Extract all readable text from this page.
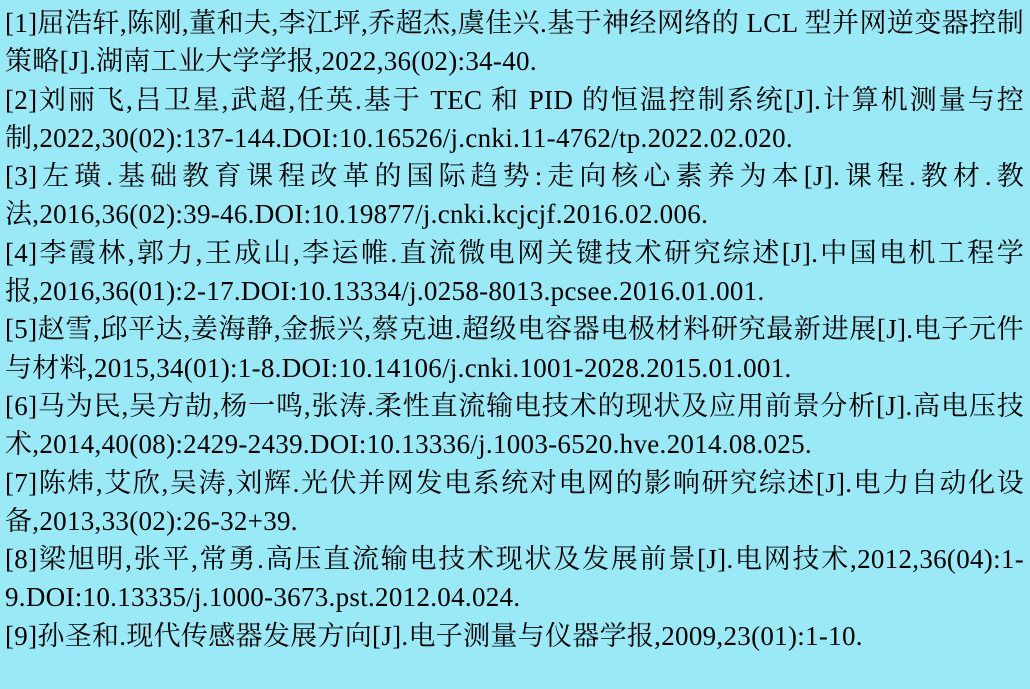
[1]屈浩轩,陈刚,董和夫,李江坪,乔超杰,虞佳兴.基于神经网络的 LCL 型并网逆变器控制策略[J].湖南工业大学学报,2022,36(02):34-40.

[2]刘丽飞,吕卫星,武超,任英.基于 TEC 和 PID 的恒温控制系统[J].计算机测量与控制,2022,30(02):137-144.DOI:10.16526/j.cnki.11-4762/tp.2022.02.020.

[3]左璜.基础教育课程改革的国际趋势:走向核心素养为本[J].课程.教材.教法,2016,36(02):39-46.DOI:10.19877/j.cnki.kcjcjf.2016.02.006.

[4]李霞林,郭力,王成山,李运帷.直流微电网关键技术研究综述[J].中国电机工程学报,2016,36(01):2-17.DOI:10.13334/j.0258-8013.pcsee.2016.01.001.

[5]赵雪,邱平达,姜海静,金振兴,蔡克迪.超级电容器电极材料研究最新进展[J].电子元件与材料,2015,34(01):1-8.DOI:10.14106/j.cnki.1001-2028.2015.01.001.

[6]马为民,吴方劼,杨一鸣,张涛.柔性直流输电技术的现状及应用前景分析[J].高电压技术,2014,40(08):2429-2439.DOI:10.13336/j.1003-6520.hve.2014.08.025.

[7]陈炜,艾欣,吴涛,刘辉.光伏并网发电系统对电网的影响研究综述[J].电力自动化设备,2013,33(02):26-32+39.

[8]梁旭明,张平,常勇.高压直流输电技术现状及发展前景[J].电网技术,2012,36(04):1-9.DOI:10.13335/j.1000-3673.pst.2012.04.024.

[9]孙圣和.现代传感器发展方向[J].电子测量与仪器学报,2009,23(01):1-10.
